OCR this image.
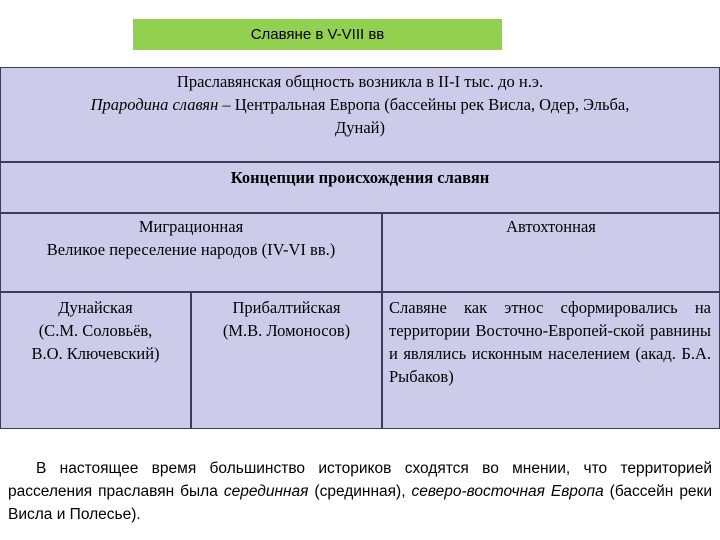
Славяне в V-VIII вв
Праславянская общность возникла в II-I тыс. до н.э.
Прародина славян – Центральная Европа (бассейны рек Висла, Одер, Эльба,
Дунай)
Концепции происхождения славян
Миграционная
Великое переселение народов (IV-VI вв.)
Автохтонная
Дунайская
(С.М. Соловьёв,
В.О. Ключевский)
Прибалтийская
(М.В. Ломоносов)
Славяне как этнос сформировались на территории Восточно-Европей-ской равнины и являлись исконным населением (акад. Б.А. Рыбаков)
В настоящее время большинство историков сходятся во мнении, что территорией расселения праславян была серединная (срединная), северо-восточная Европа (бассейн реки Висла и Полесье).
